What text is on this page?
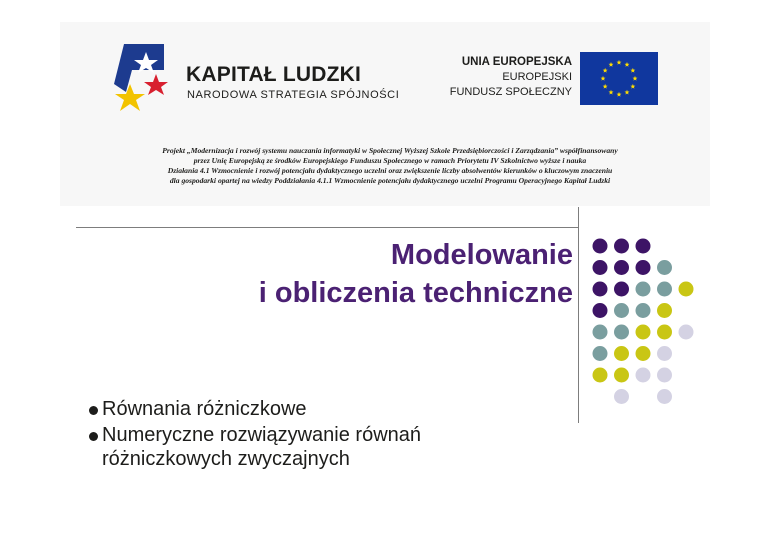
KAPITAŁ LUDZKI
NARODOWA STRATEGIA SPÓJNOŚCI
UNIA EUROPEJSKA
EUROPEJSKI
FUNDUSZ SPOŁECZNY
Projekt „Modernizacja i rozwój systemu nauczania informatyki w Społecznej Wyższej Szkole Przedsiębiorczości i Zarządzania” współfinansowany
przez Unię Europejską ze środków Europejskiego Funduszu Społecznego w ramach Priorytetu IV Szkolnictwo wyższe i nauka
Działania 4.1 Wzmocnienie i rozwój potencjału dydaktycznego uczelni oraz zwiększenie liczby absolwentów kierunków o kluczowym znaczeniu
dla gospodarki opartej na wiedzy Poddziałania 4.1.1 Wzmocnienie potencjału dydaktycznego uczelni Programu Operacyjnego Kapitał Ludzki
Modelowanie
i obliczenia techniczne
Równania różniczkowe
Numeryczne rozwiązywanie równań
różniczkowych zwyczajnych
